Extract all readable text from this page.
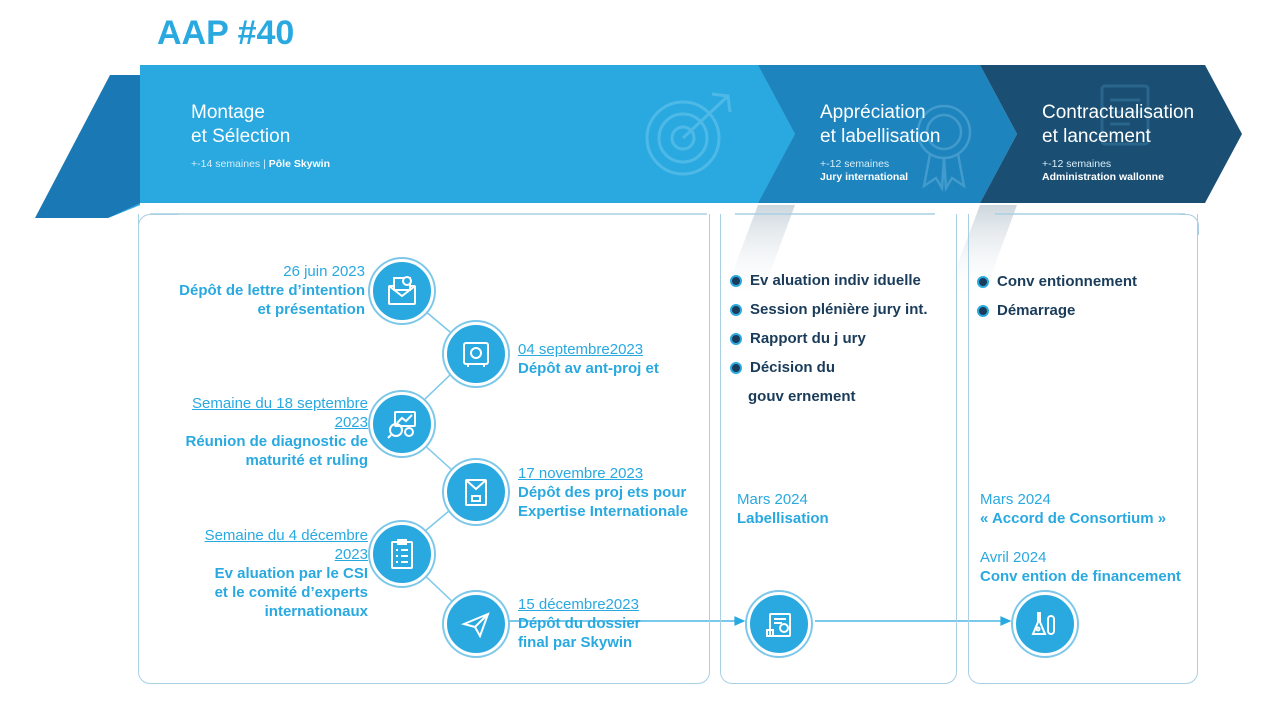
AAP #40
Montage
et Sélection
+-14 semaines | Pôle Skywin
Appréciation
et labellisation
+-12 semaines
Jury international
Contractualisation
et lancement
+-12 semaines
Administration wallonne
26 juin 2023
Dépôt de lettre d’intention
et présentation
04 septembre2023
Dépôt av ant-proj et
Semaine du 18 septembre
2023
Réunion de diagnostic de
maturité et ruling
17 novembre 2023
Dépôt des proj ets pour
Expertise Internationale
Semaine du 4 décembre
2023
Ev aluation par le CSI
et le comité d’experts
internationaux	15 décembre2023
Dépôt du dossier
final par Skywin
Ev aluation indiv iduelle
Session plénière jury int.
Rapport du j ury
Décision du
gouv ernement
Mars 2024
Labellisation
Conv entionnement
Démarrage
Mars 2024
« Accord de Consortium »
Avril 2024
Conv ention de financement
